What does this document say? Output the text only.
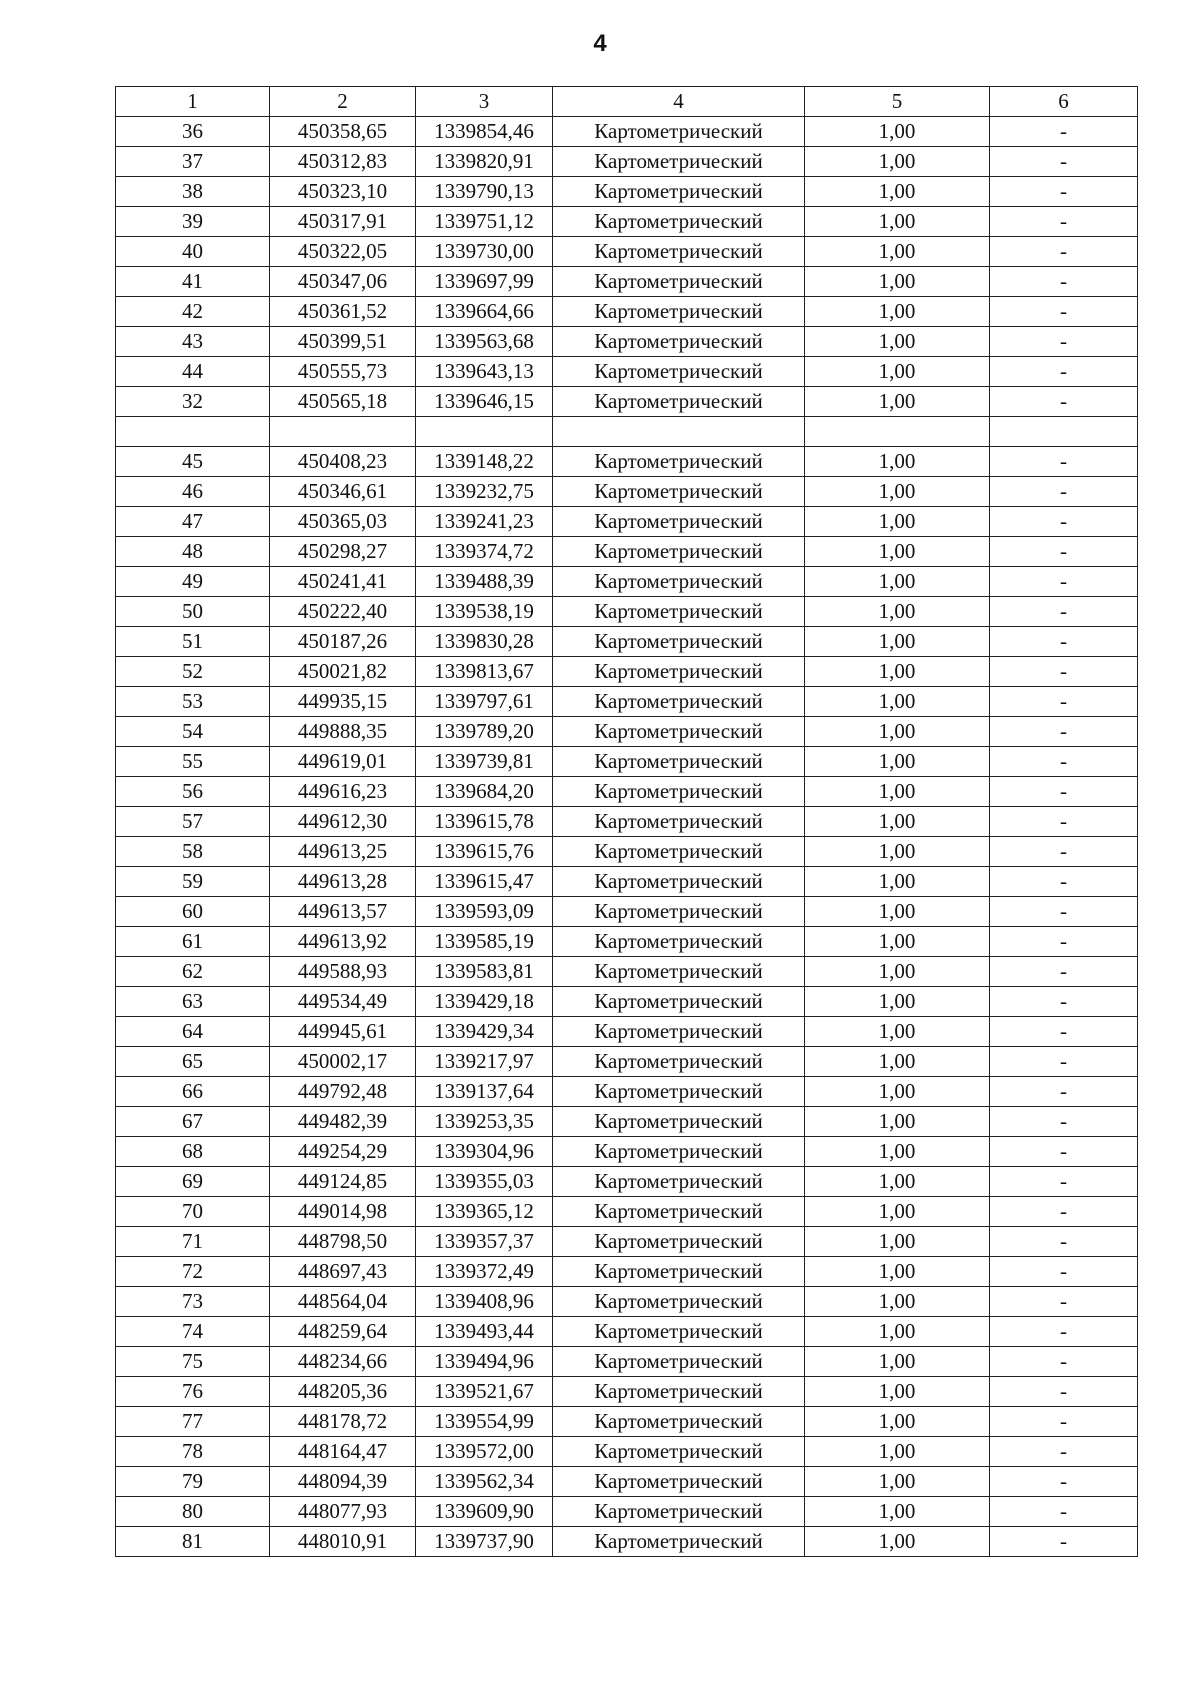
4
1	2	3	4	5	6
36	450358,65	1339854,46	Картометрический	1,00	-
37	450312,83	1339820,91	Картометрический	1,00	-
38	450323,10	1339790,13	Картометрический	1,00	-
39	450317,91	1339751,12	Картометрический	1,00	-
40	450322,05	1339730,00	Картометрический	1,00	-
41	450347,06	1339697,99	Картометрический	1,00	-
42	450361,52	1339664,66	Картометрический	1,00	-
43	450399,51	1339563,68	Картометрический	1,00	-
44	450555,73	1339643,13	Картометрический	1,00	-
32	450565,18	1339646,15	Картометрический	1,00	-

45	450408,23	1339148,22	Картометрический	1,00	-
46	450346,61	1339232,75	Картометрический	1,00	-
47	450365,03	1339241,23	Картометрический	1,00	-
48	450298,27	1339374,72	Картометрический	1,00	-
49	450241,41	1339488,39	Картометрический	1,00	-
50	450222,40	1339538,19	Картометрический	1,00	-
51	450187,26	1339830,28	Картометрический	1,00	-
52	450021,82	1339813,67	Картометрический	1,00	-
53	449935,15	1339797,61	Картометрический	1,00	-
54	449888,35	1339789,20	Картометрический	1,00	-
55	449619,01	1339739,81	Картометрический	1,00	-
56	449616,23	1339684,20	Картометрический	1,00	-
57	449612,30	1339615,78	Картометрический	1,00	-
58	449613,25	1339615,76	Картометрический	1,00	-
59	449613,28	1339615,47	Картометрический	1,00	-
60	449613,57	1339593,09	Картометрический	1,00	-
61	449613,92	1339585,19	Картометрический	1,00	-
62	449588,93	1339583,81	Картометрический	1,00	-
63	449534,49	1339429,18	Картометрический	1,00	-
64	449945,61	1339429,34	Картометрический	1,00	-
65	450002,17	1339217,97	Картометрический	1,00	-
66	449792,48	1339137,64	Картометрический	1,00	-
67	449482,39	1339253,35	Картометрический	1,00	-
68	449254,29	1339304,96	Картометрический	1,00	-
69	449124,85	1339355,03	Картометрический	1,00	-
70	449014,98	1339365,12	Картометрический	1,00	-
71	448798,50	1339357,37	Картометрический	1,00	-
72	448697,43	1339372,49	Картометрический	1,00	-
73	448564,04	1339408,96	Картометрический	1,00	-
74	448259,64	1339493,44	Картометрический	1,00	-
75	448234,66	1339494,96	Картометрический	1,00	-
76	448205,36	1339521,67	Картометрический	1,00	-
77	448178,72	1339554,99	Картометрический	1,00	-
78	448164,47	1339572,00	Картометрический	1,00	-
79	448094,39	1339562,34	Картометрический	1,00	-
80	448077,93	1339609,90	Картометрический	1,00	-
81	448010,91	1339737,90	Картометрический	1,00	-
